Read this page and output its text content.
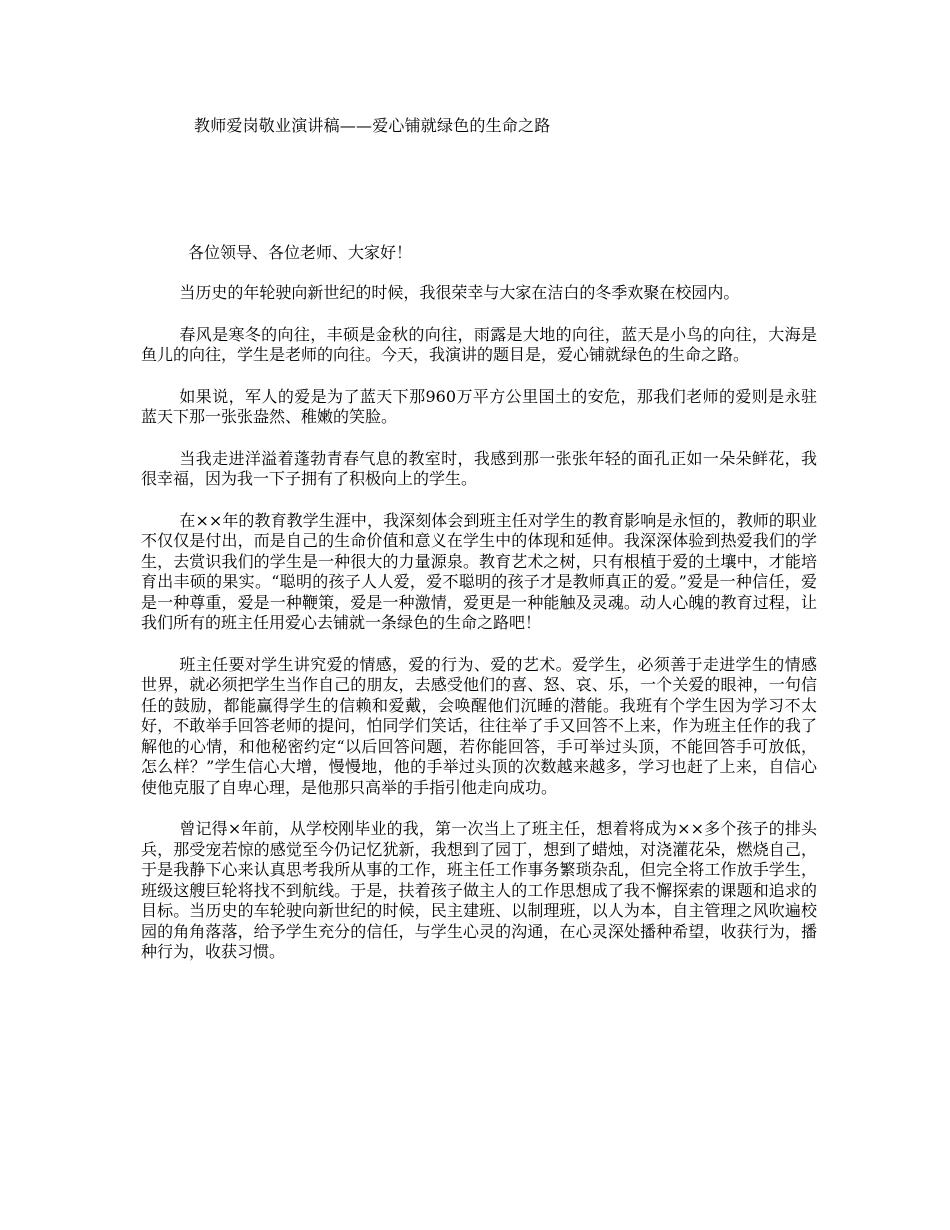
教师爱岗敬业演讲稿——爱心铺就绿色的生命之路
各位领导、各位老师、大家好！

当历史的年轮驶向新世纪的时候，我很荣幸与大家在洁白的冬季欢聚在校园内。

春风是寒冬的向往，丰硕是金秋的向往，雨露是大地的向往，蓝天是小鸟的向往，大海是鱼儿的向往，学生是老师的向往。今天，我演讲的题目是，爱心铺就绿色的生命之路。

如果说，军人的爱是为了蓝天下那960万平方公里国土的安危，那我们老师的爱则是永驻蓝天下那一张张盎然、稚嫩的笑脸。

当我走进洋溢着蓬勃青春气息的教室时，我感到那一张张年轻的面孔正如一朵朵鲜花，我很幸福，因为我一下子拥有了积极向上的学生。

在××年的教育教学生涯中，我深刻体会到班主任对学生的教育影响是永恒的，教师的职业不仅仅是付出，而是自己的生命价值和意义在学生中的体现和延伸。我深深体验到热爱我们的学生，去赏识我们的学生是一种很大的力量源泉。教育艺术之树，只有根植于爱的土壤中，才能培育出丰硕的果实。“聪明的孩子人人爱，爱不聪明的孩子才是教师真正的爱。”爱是一种信任，爱是一种尊重，爱是一种鞭策，爱是一种激情，爱更是一种能触及灵魂。动人心魄的教育过程，让我们所有的班主任用爱心去铺就一条绿色的生命之路吧！

班主任要对学生讲究爱的情感，爱的行为、爱的艺术。爱学生，必须善于走进学生的情感世界，就必须把学生当作自己的朋友，去感受他们的喜、怒、哀、乐，一个关爱的眼神，一句信任的鼓励，都能赢得学生的信赖和爱戴，会唤醒他们沉睡的潜能。我班有个学生因为学习不太好，不敢举手回答老师的提问，怕同学们笑话，往往举了手又回答不上来，作为班主任作的我了解他的心情，和他秘密约定“以后回答问题，若你能回答，手可举过头顶，不能回答手可放低，怎么样？”学生信心大增，慢慢地，他的手举过头顶的次数越来越多，学习也赶了上来，自信心使他克服了自卑心理，是他那只高举的手指引他走向成功。

曾记得×年前，从学校刚毕业的我，第一次当上了班主任，想着将成为××多个孩子的排头兵，那受宠若惊的感觉至今仍记忆犹新，我想到了园丁，想到了蜡烛，对浇灌花朵，燃烧自己，于是我静下心来认真思考我所从事的工作，班主任工作事务繁琐杂乱，但完全将工作放手学生，班级这艘巨轮将找不到航线。于是，扶着孩子做主人的工作思想成了我不懈探索的课题和追求的目标。当历史的车轮驶向新世纪的时候，民主建班、以制理班，以人为本，自主管理之风吹遍校园的角角落落，给予学生充分的信任，与学生心灵的沟通，在心灵深处播种希望，收获行为，播种行为，收获习惯。
